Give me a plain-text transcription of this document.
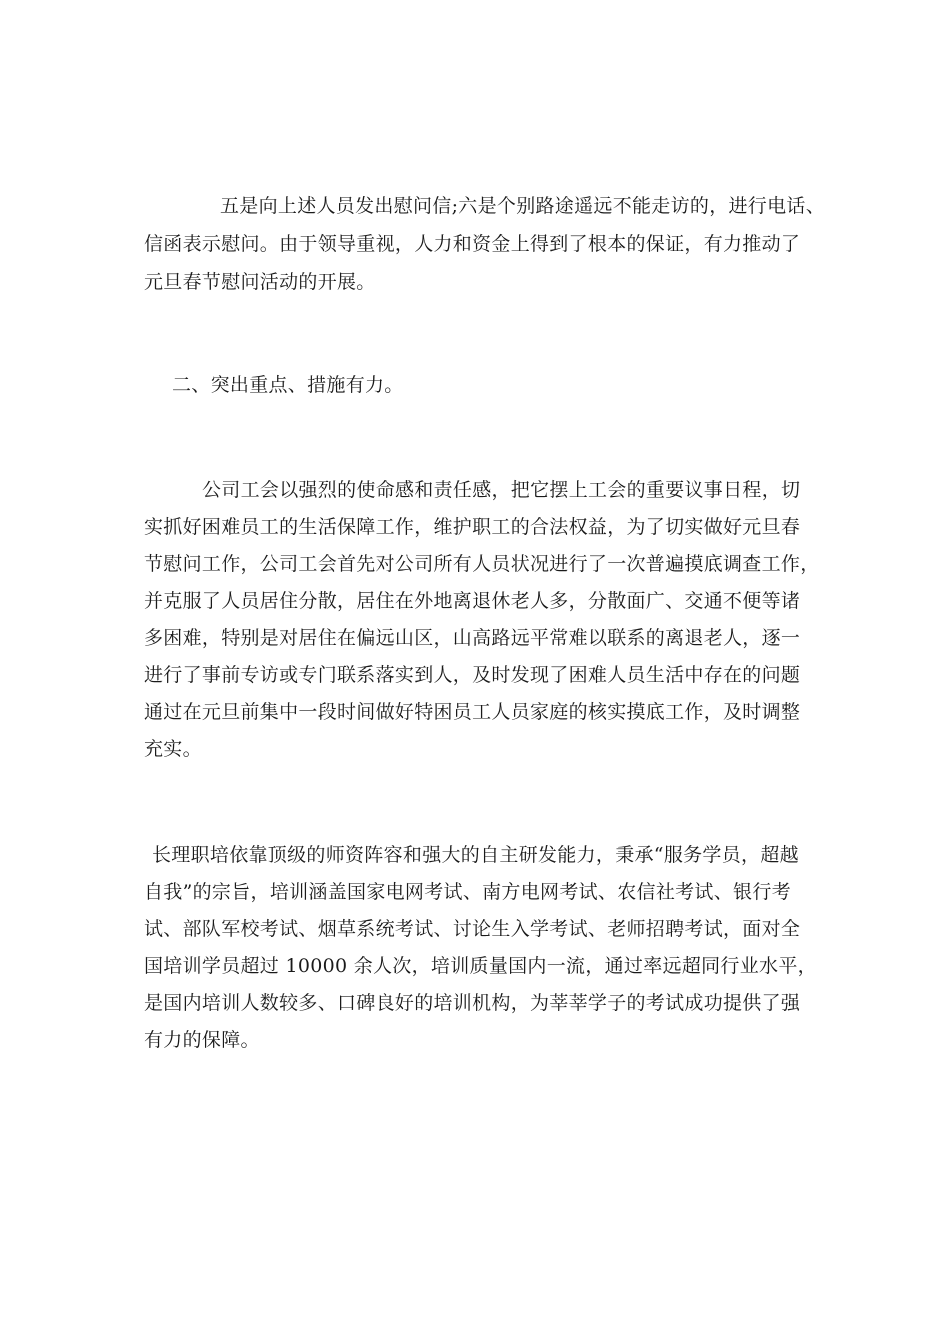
五是向上述人员发出慰问信;六是个别路途遥远不能走访的，进行电话、
信函表示慰问。由于领导重视，人力和资金上得到了根本的保证，有力推动了
元旦春节慰问活动的开展。
二、突出重点、措施有力。
公司工会以强烈的使命感和责任感，把它摆上工会的重要议事日程，切
实抓好困难员工的生活保障工作，维护职工的合法权益，为了切实做好元旦春
节慰问工作，公司工会首先对公司所有人员状况进行了一次普遍摸底调查工作，
并克服了人员居住分散，居住在外地离退休老人多，分散面广、交通不便等诸
多困难，特别是对居住在偏远山区，山高路远平常难以联系的离退老人，逐一
进行了事前专访或专门联系落实到人，及时发现了困难人员生活中存在的问题
通过在元旦前集中一段时间做好特困员工人员家庭的核实摸底工作，及时调整
充实。
长理职培依靠顶级的师资阵容和强大的自主研发能力，秉承“服务学员，超越
自我”的宗旨，培训涵盖国家电网考试、南方电网考试、农信社考试、银行考
试、部队军校考试、烟草系统考试、讨论生入学考试、老师招聘考试，面对全
国培训学员超过 10000 余人次，培训质量国内一流，通过率远超同行业水平，
是国内培训人数较多、口碑良好的培训机构，为莘莘学子的考试成功提供了强
有力的保障。
